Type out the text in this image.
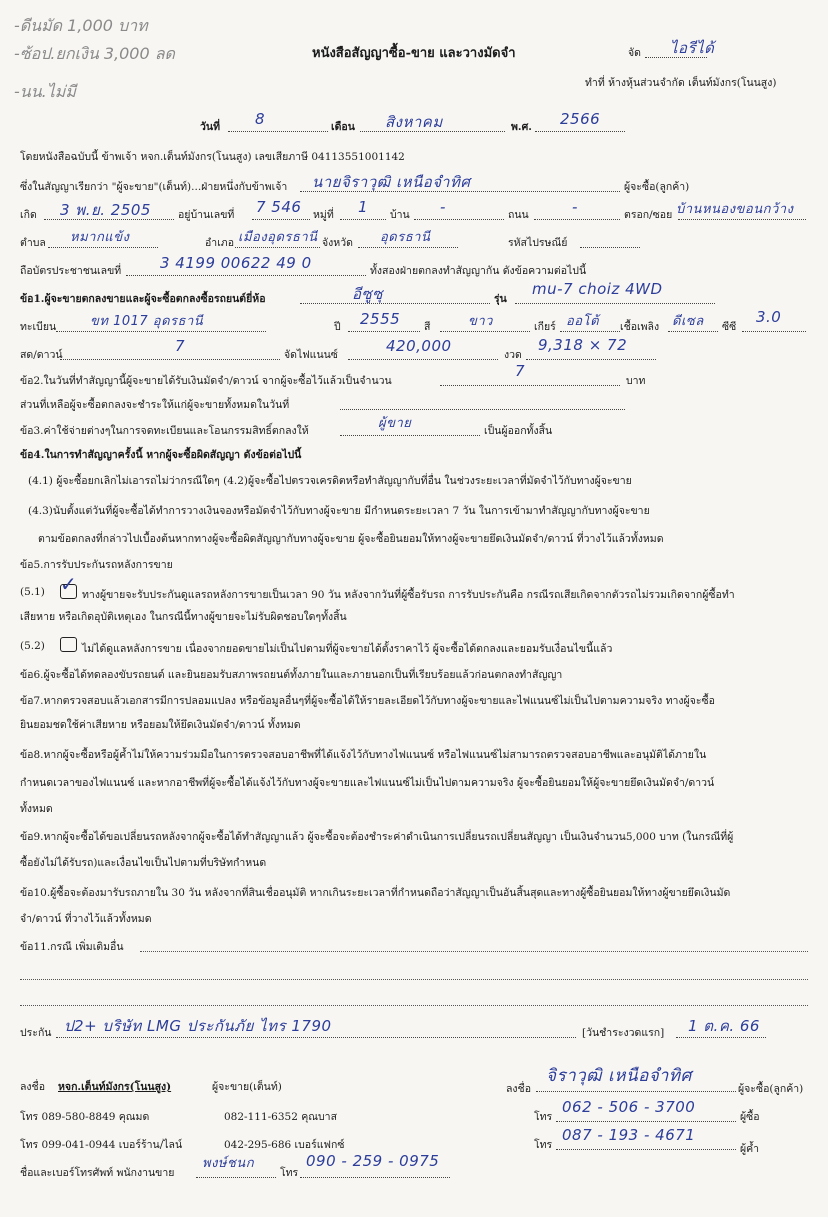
-ดีนมัด 1,000 บาท
-ซ้อป.ยกเงิน 3,000 ลด
-นน.ไม่มี
หนังสือสัญญาซื้อ-ขาย และวางมัดจำ	จัด ไอรีได้
ทำที่ ห้างหุ้นส่วนจำกัด เต็นท์มังกร(โนนสูง)
วันที่ 8	เดือน สิงหาคม	พ.ศ. 2566
โดยหนังสือฉบับนี้ ข้าพเจ้า หจก.เต็นท์มังกร(โนนสูง) เลขเสียภาษี 04113551001142
ซึ่งในสัญญาเรียกว่า "ผู้จะขาย"(เต็นท์)...ฝ่ายหนึ่งกับข้าพเจ้า นายจิราวุฒิ เหนือจำทิศ	ผู้จะซื้อ(ลูกค้า)
เกิด 3 พ.ย. 2505	อยู่บ้านเลขที่ 7 546 หมู่ที่ 1 บ้าน -	ถนน	-	ตรอก/ซอย บ้านหนองขอนกว้าง
ตำบล หมากแข้ง	อำเภอ เมืองอุดรธานี จังหวัด อุดรธานี	รหัสไปรษณีย์
ถือบัตรประชาชนเลขที่	3 4199 00622 49 0	ทั้งสองฝ่ายตกลงทำสัญญากัน ดังข้อความต่อไปนี้
ข้อ1.ผู้จะขายตกลงขายและผู้จะซื้อตกลงซื้อรถยนต์ยี่ห้อ	อีซูซุ	รุ่น
mu-7 choiz 4WD
ทะเบียน	ขท 1017 อุดรธานี	ปี 2555 สี	ขาว	เกียร์ ออโต้ เชื้อเพลิง ดีเซล ซีซี
3.0
สด/ดาวน์	7	จัดไฟแนนซ์	420,000	งวด
9,318 × 72
ข้อ2.ในวันที่ทำสัญญานี้ผู้จะขายได้รับเงินมัดจำ/ดาวน์ จากผู้จะซื้อไว้แล้วเป็นจำนวน
7
บาท
ส่วนที่เหลือผู้จะซื้อตกลงจะชำระให้แก่ผู้จะขายทั้งหมดในวันที่
ข้อ3.ค่าใช้จ่ายต่างๆในการจดทะเบียนและโอนกรรมสิทธิ์ตกลงให้	ผู้ขาย	เป็นผู้ออกทั้งสิ้น
ข้อ4.ในการทำสัญญาครั้งนี้ หากผู้จะซื้อผิดสัญญา ดังข้อต่อไปนี้
(4.1) ผู้จะซื้อยกเลิกไม่เอารถไม่ว่ากรณีใดๆ (4.2)ผู้จะซื้อไปตรวจเครดิตหรือทำสัญญากับที่อื่น ในช่วงระยะเวลาที่มัดจำไว้กับทางผู้จะขาย
(4.3)นับตั้งแต่วันที่ผู้จะซื้อได้ทำการวางเงินจองหรือมัดจำไว้กับทางผู้จะขาย มีกำหนดระยะเวลา 7 วัน ในการเข้ามาทำสัญญากับทางผู้จะขาย
ตามข้อตกลงที่กล่าวไปเบื้องต้นหากทางผู้จะซื้อผิดสัญญากับทางผู้จะขาย ผู้จะซื้อยินยอมให้ทางผู้จะขายยึดเงินมัดจำ/ดาวน์ ที่วางไว้แล้วทั้งหมด
ข้อ5.การรับประกันรถหลังการขาย
(5.1) ✓ ทางผู้ขายจะรับประกันดูแลรถหลังการขายเป็นเวลา 90 วัน หลังจากวันที่ผู้ซื้อรับรถ การรับประกันคือ กรณีรถเสียเกิดจากตัวรถไม่รวมเกิดจากผู้ซื้อทำ
เสียหาย หรือเกิดอุบัติเหตุเอง ในกรณีนี้ทางผู้ขายจะไม่รับผิดชอบใดๆทั้งสิ้น
(5.2)	ไม่ได้ดูแลหลังการขาย เนื่องจากยอดขายไม่เป็นไปตามที่ผู้จะขายได้ตั้งราคาไว้ ผู้จะซื้อได้ตกลงและยอมรับเงื่อนไขนี้แล้ว
ข้อ6.ผู้จะซื้อได้ทดลองขับรถยนต์ และยินยอมรับสภาพรถยนต์ทั้งภายในและภายนอกเป็นที่เรียบร้อยแล้วก่อนตกลงทำสัญญา
ข้อ7.หากตรวจสอบแล้วเอกสารมีการปลอมแปลง หรือข้อมูลอื่นๆที่ผู้จะซื้อได้ให้รายละเอียดไว้กับทางผู้จะขายและไฟแนนซ์ไม่เป็นไปตามความจริง ทางผู้จะซื้อ
ยินยอมชดใช้ค่าเสียหาย หรือยอมให้ยึดเงินมัดจำ/ดาวน์ ทั้งหมด
ข้อ8.หากผู้จะซื้อหรือผู้ค้ำไม่ให้ความร่วมมือในการตรวจสอบอาชีพที่ได้แจ้งไว้กับทางไฟแนนซ์ หรือไฟแนนซ์ไม่สามารถตรวจสอบอาชีพและอนุมัติได้ภายใน
กำหนดเวลาของไฟแนนซ์ และหากอาชีพที่ผู้จะซื้อได้แจ้งไว้กับทางผู้จะขายและไฟแนนซ์ไม่เป็นไปตามความจริง ผู้จะซื้อยินยอมให้ผู้จะขายยึดเงินมัดจำ/ดาวน์
ทั้งหมด
ข้อ9.หากผู้จะซื้อได้ขอเปลี่ยนรถหลังจากผู้จะซื้อได้ทำสัญญาแล้ว ผู้จะซื้อจะต้องชำระค่าดำเนินการเปลี่ยนรถเปลี่ยนสัญญา เป็นเงินจำนวน5,000 บาท (ในกรณีที่ผู้
ซื้อยังไม่ได้รับรถ)และเงื่อนไขเป็นไปตามที่บริษัทกำหนด
ข้อ10.ผู้ซื้อจะต้องมารับรถภายใน 30 วัน หลังจากที่สินเชื่ออนุมัติ หากเกินระยะเวลาที่กำหนดถือว่าสัญญาเป็นอันสิ้นสุดและทางผู้ซื้อยินยอมให้ทางผู้ขายยึดเงินมัด
จำ/ดาวน์ ที่วางไว้แล้วทั้งหมด
ข้อ11.กรณี เพิ่มเติมอื่น
ประกัน ป2+ บริษัท LMG ประกันภัย ไทร 1790	[วันชำระงวดแรก] 1 ต.ค. 66
ลงชื่อ หจก.เต็นท์มังกร(โนนสูง)	ผู้จะขาย(เต็นท์)	ลงชื่อ
จิราวุฒิ เหนือจำทิศ
ผู้จะซื้อ(ลูกค้า)
โทร 089-580-8849 คุณมด	082-111-6352 คุณบาส
โทร 099-041-0944 เบอร์ร้าน/ไลน์	042-295-686 เบอร์แฟกซ์
โทร
062 - 506 - 3700
ผู้ซื้อ
โทร
087 - 193 - 4671
ผู้ค้ำ
ชื่อและเบอร์โทรศัพท์ พนักงานขาย
พงษ์ชนก
โทร
090 - 259 - 0975
